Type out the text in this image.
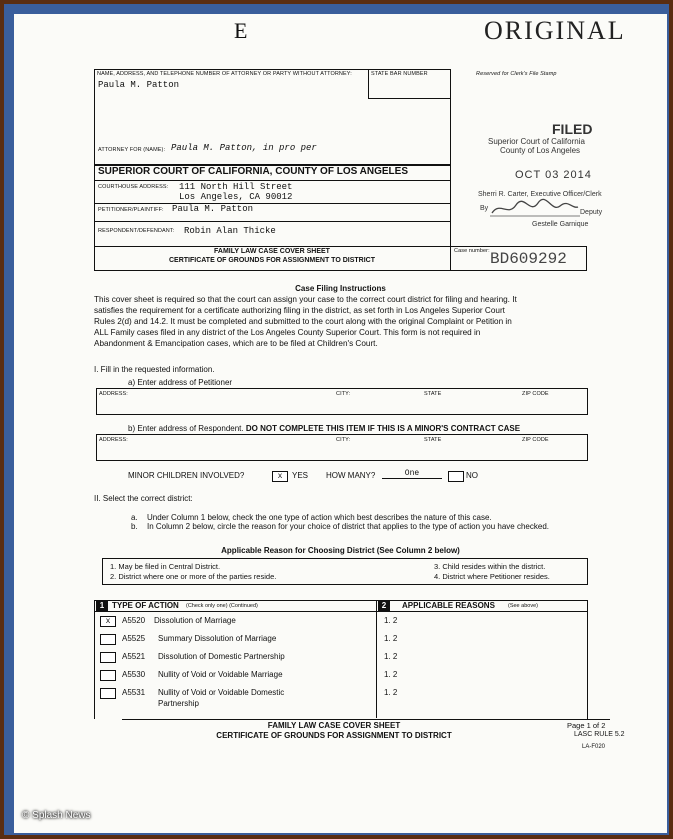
E	ORIGINAL
NAME, ADDRESS, AND TELEPHONE NUMBER OF ATTORNEY OR PARTY WITHOUT ATTORNEY:	STATE BAR NUMBER
Paula M. Patton
ATTORNEY FOR (NAME): Paula M. Patton, in pro per
SUPERIOR COURT OF CALIFORNIA, COUNTY OF LOS ANGELES
COURTHOUSE ADDRESS: 111 North Hill Street
Los Angeles, CA 90012
PETITIONER/PLAINTIFF: Paula M. Patton
RESPONDENT/DEFENDANT: Robin Alan Thicke
FAMILY LAW CASE COVER SHEET
CERTIFICATE OF GROUNDS FOR ASSIGNMENT TO DISTRICT
Reserved for Clerk's File Stamp
FILED
Superior Court of California
County of Los Angeles
OCT 03 2014
Sherri R. Carter, Executive Officer/Clerk
By
Deputy
Gestelle Garnique
Case number: BD609292
Case Filing Instructions
This cover sheet is required so that the court can assign your case to the correct court district for filing and hearing. It
satisfies the requirement for a certificate authorizing filing in the district, as set forth in Los Angeles Superior Court
Rules 2(d) and 14.2. It must be completed and submitted to the court along with the original Complaint or Petition in
ALL Family cases filed in any district of the Los Angeles County Superior Court. This form is not required in
Abandonment & Emancipation cases, which are to be filed at Children's Court.
I. Fill in the requested information.
a) Enter address of Petitioner
ADDRESS:	CITY:	STATE	ZIP CODE
b) Enter address of Respondent. DO NOT COMPLETE THIS ITEM IF THIS IS A MINOR'S CONTRACT CASE
ADDRESS:	CITY:	STATE	ZIP CODE
MINOR CHILDREN INVOLVED?	x	YES HOW MANY?	One	NO
II. Select the correct district:
a. Under Column 1 below, check the one type of action which best describes the nature of this case.
b. In Column 2 below, circle the reason for your choice of district that applies to the type of action you have checked.
Applicable Reason for Choosing District (See Column 2 below)
1. May be filed in Central District.
2. District where one or more of the parties reside.
3. Child resides within the district.
4. District where Petitioner resides.
1 TYPE OF ACTION (Check only one) (Continued)	2	APPLICABLE REASONS (See above)
x	A5520 Dissolution of Marriage	1. 2
A5525 Summary Dissolution of Marriage	1. 2
A5521 Dissolution of Domestic Partnership	1. 2
A5530 Nullity of Void or Voidable Marriage	1. 2
A5531 Nullity of Void or Voidable Domestic
Partnership
1. 2
FAMILY LAW CASE COVER SHEET
CERTIFICATE OF GROUNDS FOR ASSIGNMENT TO DISTRICT
Page 1 of 2
LASC RULE 5.2
LA-F020
© Splash News
